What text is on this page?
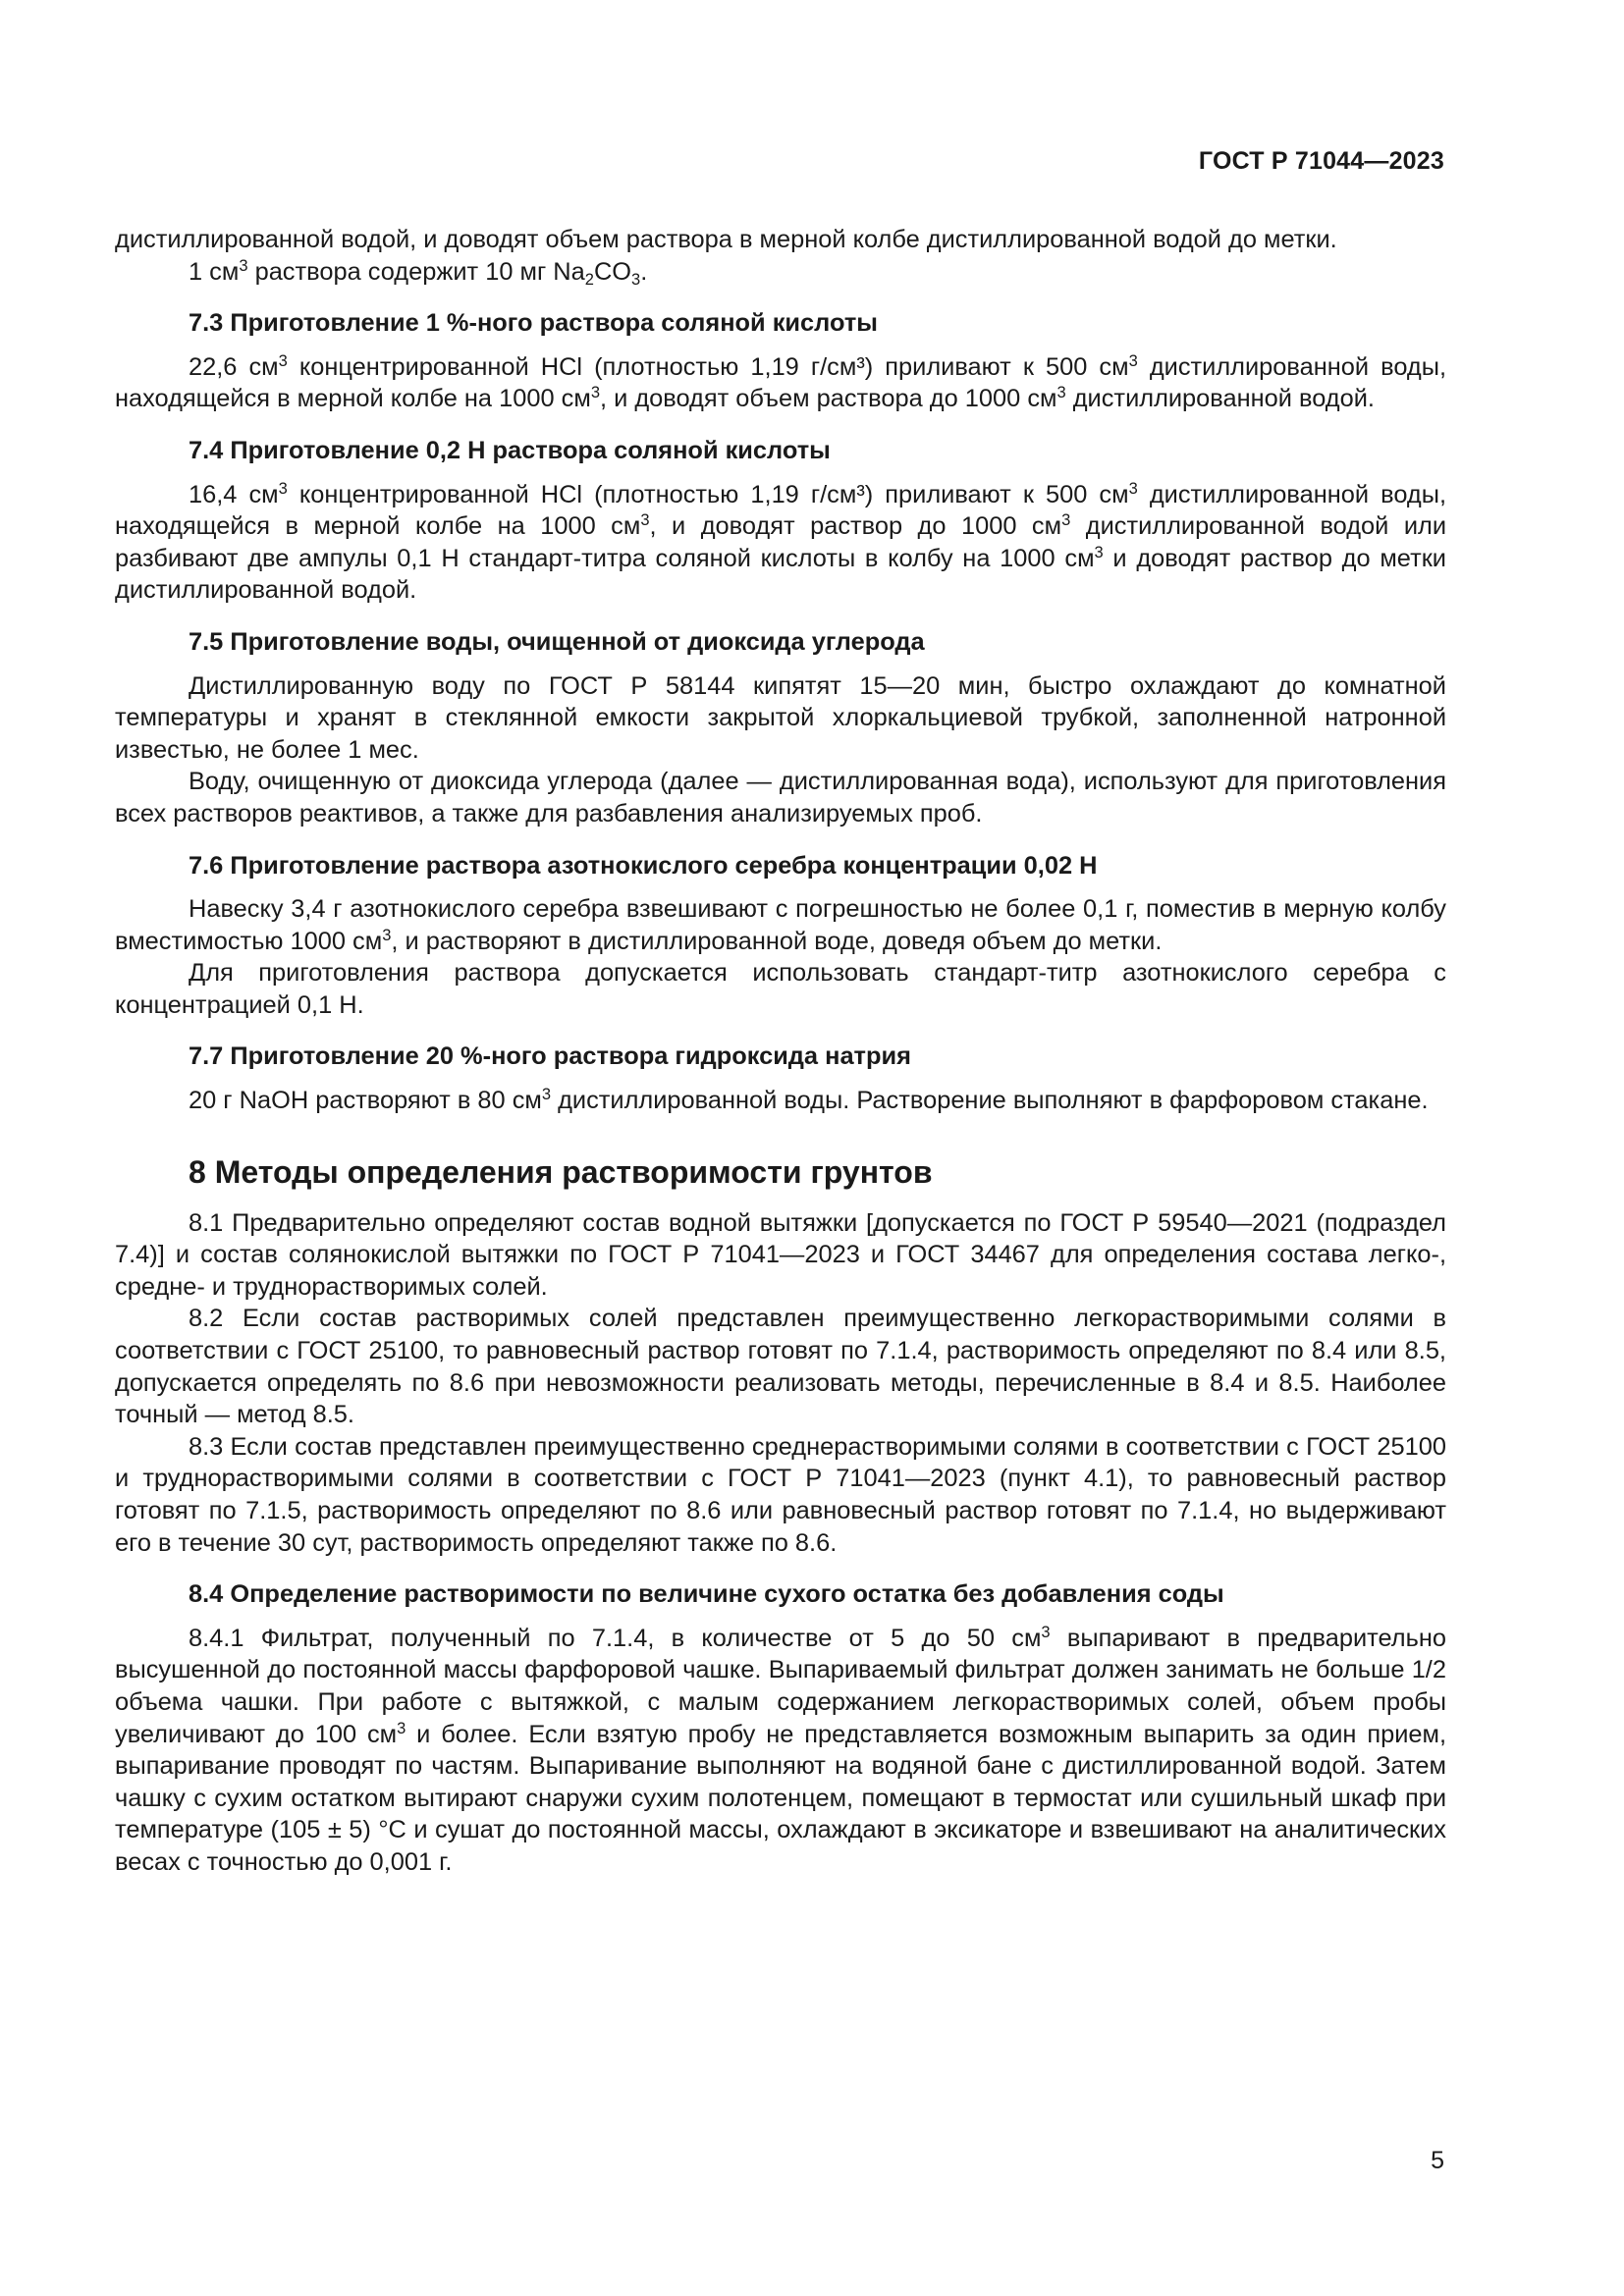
ГОСТ Р 71044—2023

дистиллированной водой, и доводят объем раствора в мерной колбе дистиллированной водой до метки.

1 $см^3$ раствора содержит 10 мг $Na_2CO_3$.

7.3 Приготовление 1 %-ного раствора соляной кислоты

22,6 $см^3$ концентрированной HCl (плотностью 1,19 г/см³) приливают к 500 $см^3$ дистиллированной воды, находящейся в мерной колбе на 1000 $см^3$, и доводят объем раствора до 1000 $см^3$ дистиллированной водой.

7.4 Приготовление 0,2 Н раствора соляной кислоты

16,4 $см^3$ концентрированной HCl (плотностью 1,19 г/см³) приливают к 500 $см^3$ дистиллированной воды, находящейся в мерной колбе на 1000 $см^3$, и доводят раствор до 1000 $см^3$ дистиллированной водой или разбивают две ампулы 0,1 Н стандарт-титра соляной кислоты в колбу на 1000 $см^3$ и доводят раствор до метки дистиллированной водой.

7.5 Приготовление воды, очищенной от диоксида углерода

Дистиллированную воду по ГОСТ Р 58144 кипятят 15—20 мин, быстро охлаждают до комнатной температуры и хранят в стеклянной емкости закрытой хлоркальциевой трубкой, заполненной натронной известью, не более 1 мес.

Воду, очищенную от диоксида углерода (далее — дистиллированная вода), используют для приготовления всех растворов реактивов, а также для разбавления анализируемых проб.

7.6 Приготовление раствора азотнокислого серебра концентрации 0,02 Н

Навеску 3,4 г азотнокислого серебра взвешивают с погрешностью не более 0,1 г, поместив в мерную колбу вместимостью 1000 $см^3$, и растворяют в дистиллированной воде, доведя объем до метки.

Для приготовления раствора допускается использовать стандарт-титр азотнокислого серебра с концентрацией 0,1 Н.

7.7 Приготовление 20 %-ного раствора гидроксида натрия

20 г NaOH растворяют в 80 $см^3$ дистиллированной воды. Растворение выполняют в фарфоровом стакане.

8 Методы определения растворимости грунтов

8.1 Предварительно определяют состав водной вытяжки [допускается по ГОСТ Р 59540—2021 (подраздел 7.4)] и состав солянокислой вытяжки по ГОСТ Р 71041—2023 и ГОСТ 34467 для определения состава легко-, средне- и труднорастворимых солей.

8.2 Если состав растворимых солей представлен преимущественно легкорастворимыми солями в соответствии с ГОСТ 25100, то равновесный раствор готовят по 7.1.4, растворимость определяют по 8.4 или 8.5, допускается определять по 8.6 при невозможности реализовать методы, перечисленные в 8.4 и 8.5. Наиболее точный — метод 8.5.

8.3 Если состав представлен преимущественно среднерастворимыми солями в соответствии с ГОСТ 25100 и труднорастворимыми солями в соответствии с ГОСТ Р 71041—2023 (пункт 4.1), то равновесный раствор готовят по 7.1.5, растворимость определяют по 8.6 или равновесный раствор готовят по 7.1.4, но выдерживают его в течение 30 сут, растворимость определяют также по 8.6.

8.4 Определение растворимости по величине сухого остатка без добавления соды

8.4.1 Фильтрат, полученный по 7.1.4, в количестве от 5 до 50 $см^3$ выпаривают в предварительно высушенной до постоянной массы фарфоровой чашке. Выпариваемый фильтрат должен занимать не больше 1/2 объема чашки. При работе с вытяжкой, с малым содержанием легкорастворимых солей, объем пробы увеличивают до 100 $см^3$ и более. Если взятую пробу не представляется возможным выпарить за один прием, выпаривание проводят по частям. Выпаривание выполняют на водяной бане с дистиллированной водой. Затем чашку с сухим остатком вытирают снаружи сухим полотенцем, помещают в термостат или сушильный шкаф при температуре (105 ± 5) °С и сушат до постоянной массы, охлаждают в эксикаторе и взвешивают на аналитических весах с точностью до 0,001 г.

5
